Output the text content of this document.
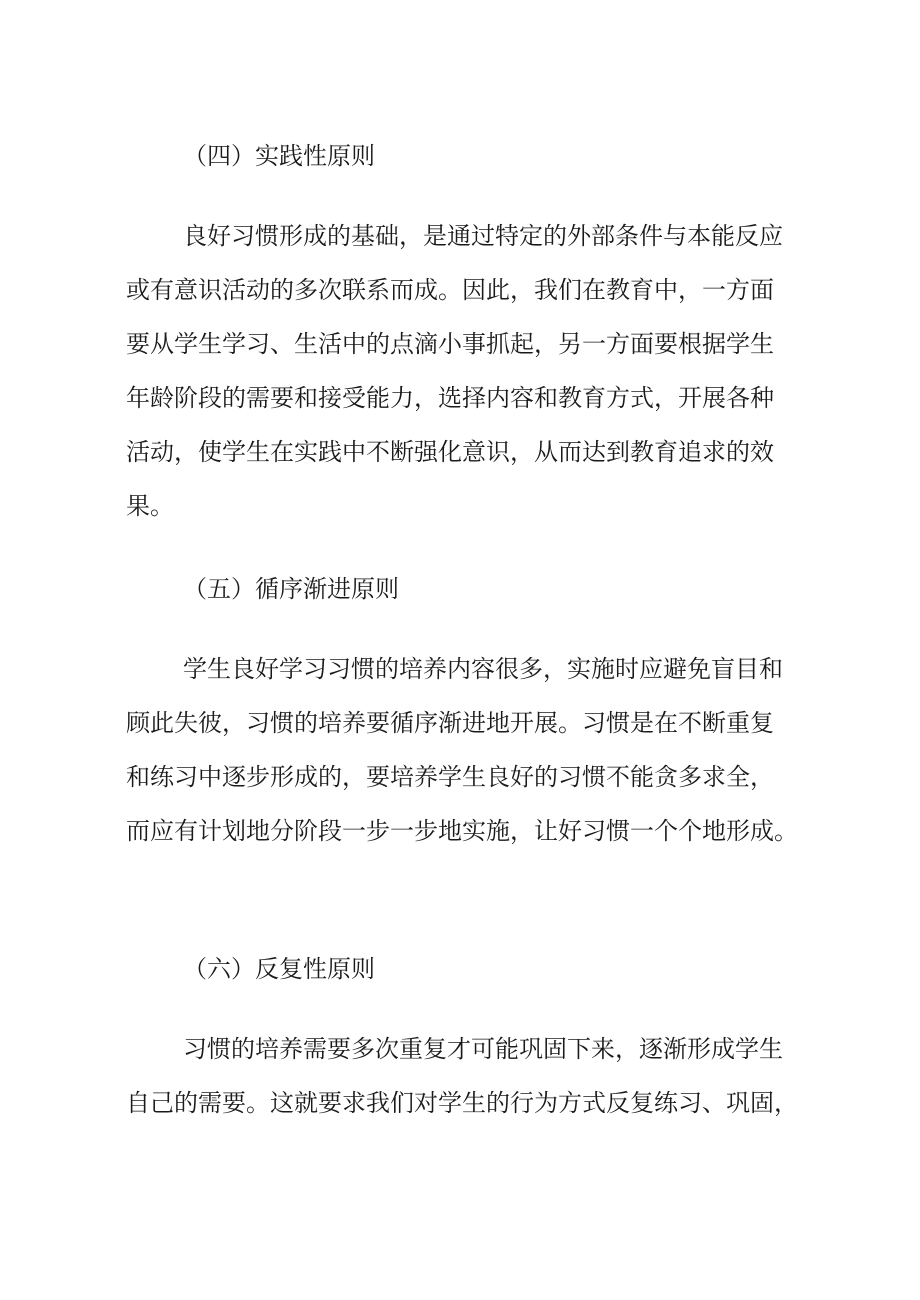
（四）实践性原则
良好习惯形成的基础，是通过特定的外部条件与本能反应
或有意识活动的多次联系而成。因此，我们在教育中，一方面
要从学生学习、生活中的点滴小事抓起，另一方面要根据学生
年龄阶段的需要和接受能力，选择内容和教育方式，开展各种
活动，使学生在实践中不断强化意识，从而达到教育追求的效
果。
（五）循序渐进原则
学生良好学习习惯的培养内容很多，实施时应避免盲目和
顾此失彼，习惯的培养要循序渐进地开展。习惯是在不断重复
和练习中逐步形成的，要培养学生良好的习惯不能贪多求全，
而应有计划地分阶段一步一步地实施，让好习惯一个个地形成。
（六）反复性原则
习惯的培养需要多次重复才可能巩固下来，逐渐形成学生
自己的需要。这就要求我们对学生的行为方式反复练习、巩固，
